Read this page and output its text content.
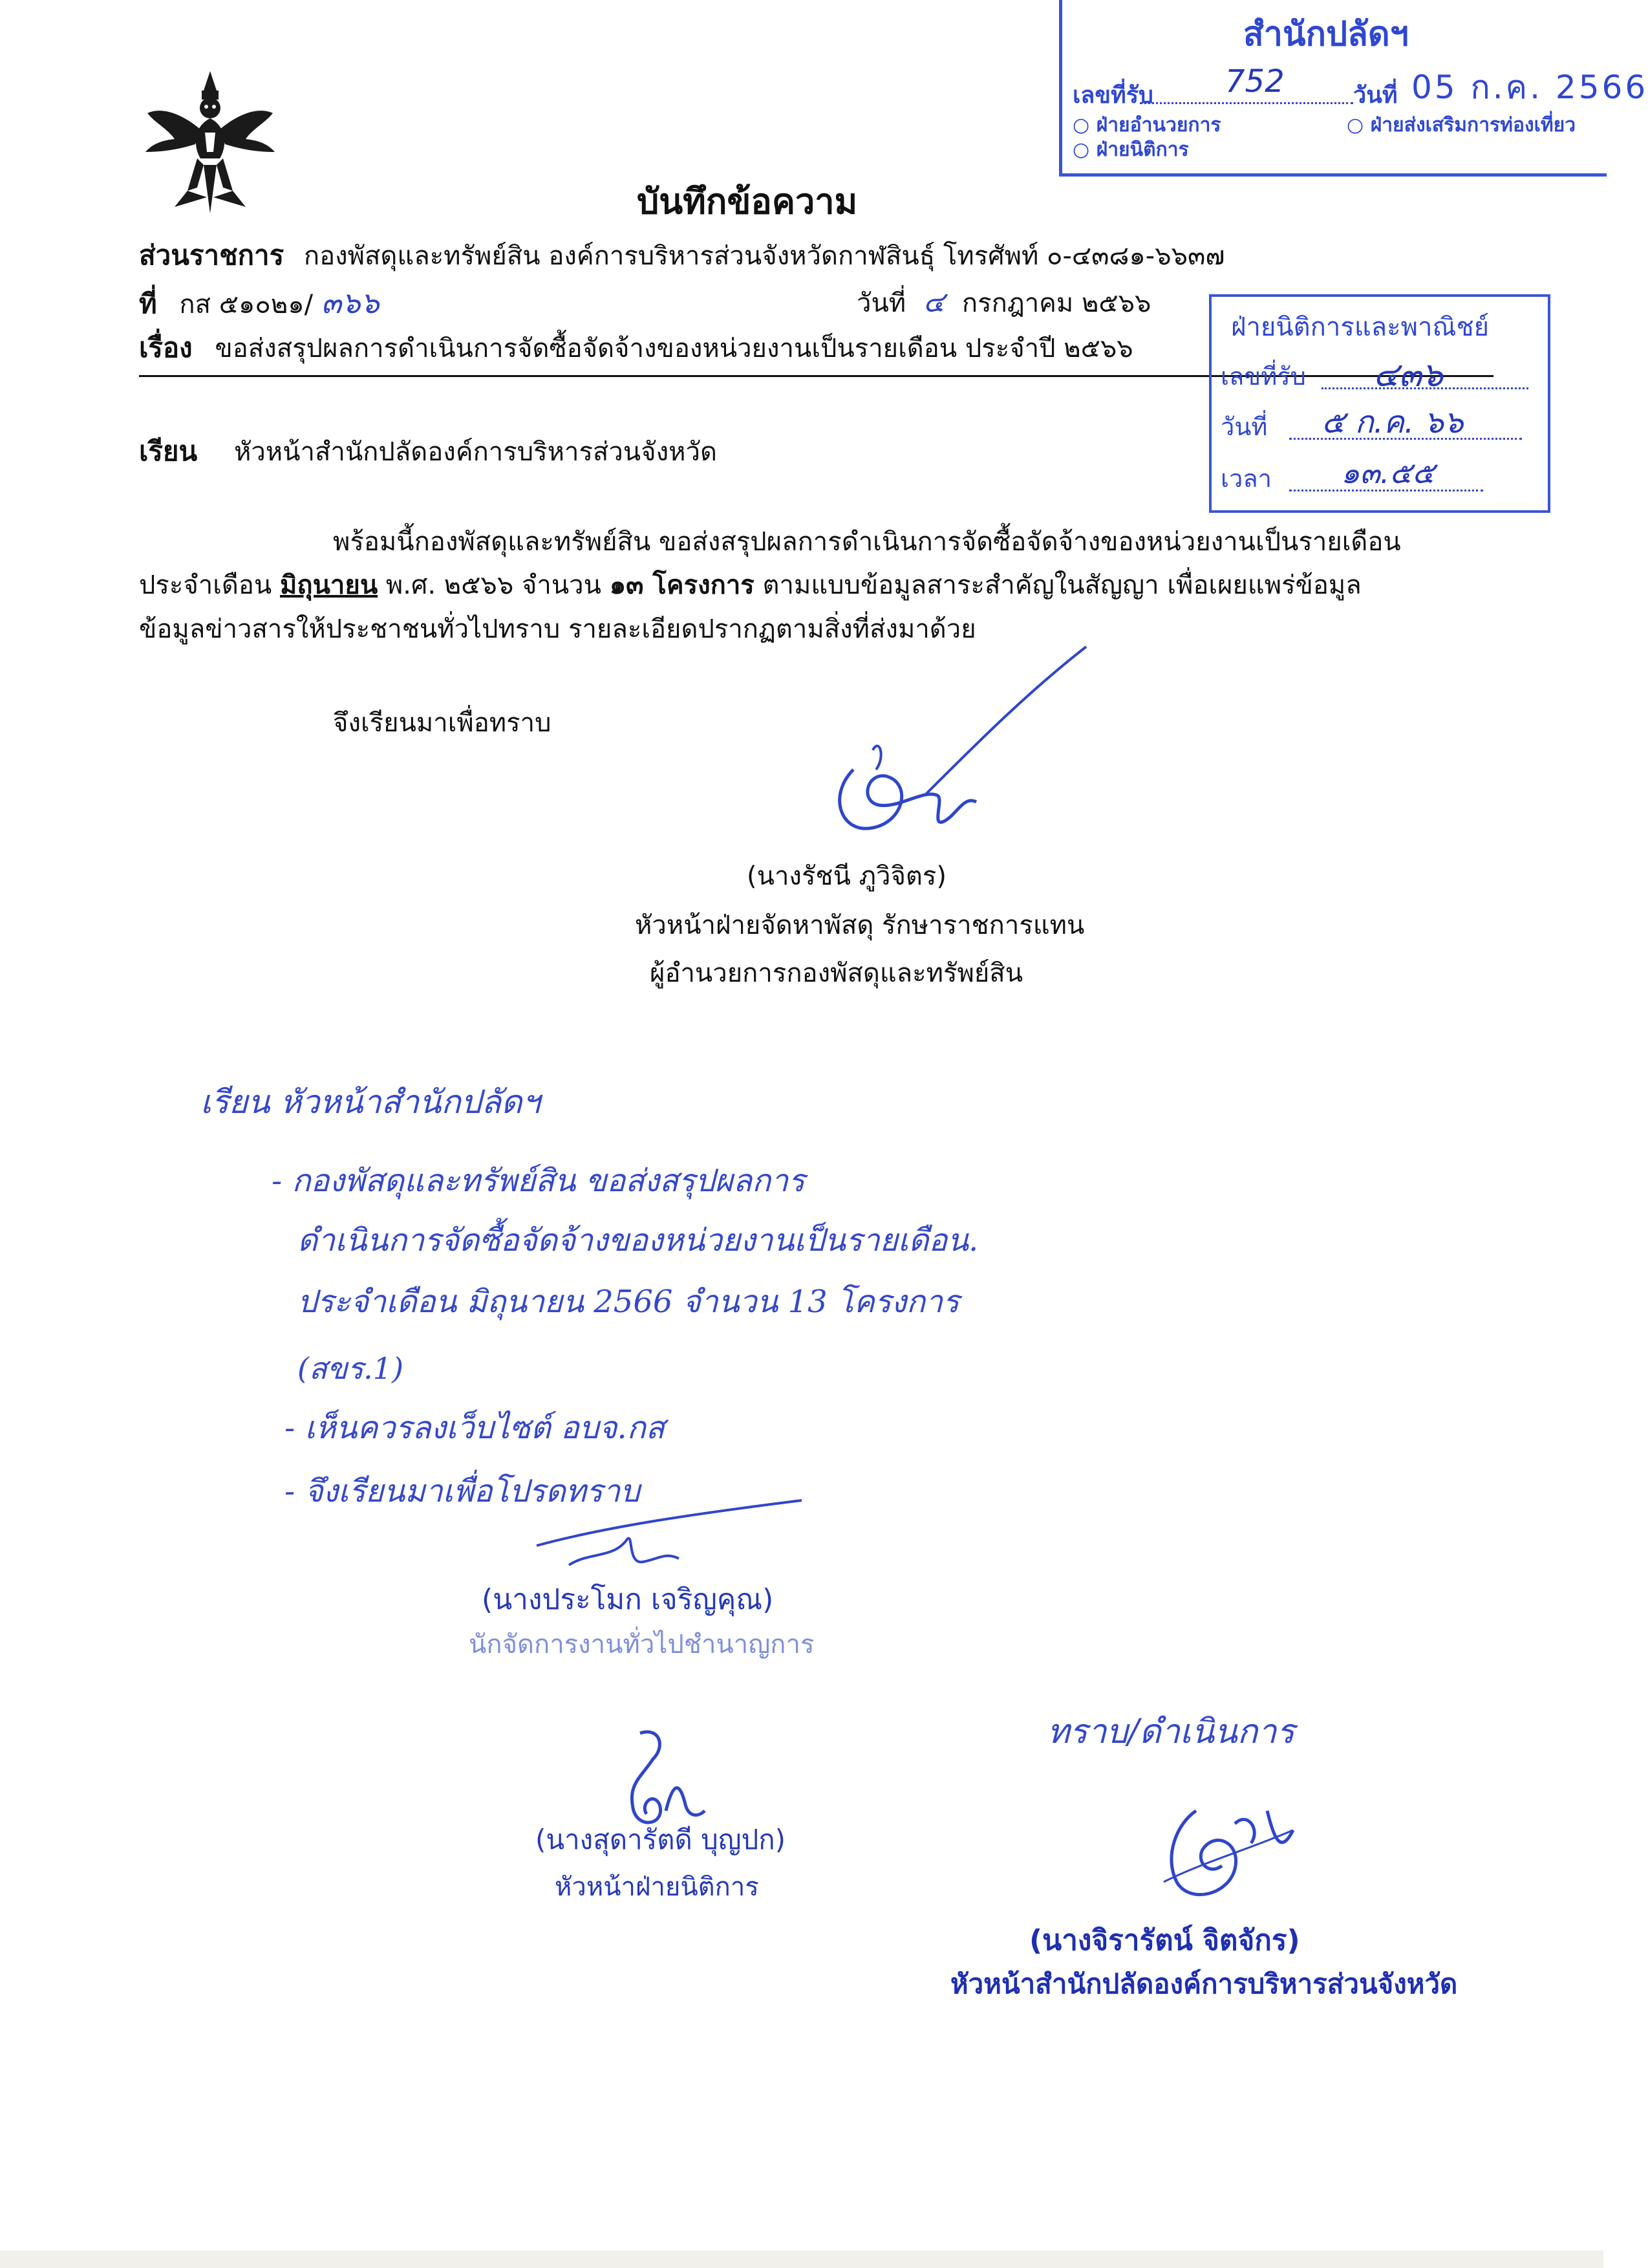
สำนักปลัดฯ
เลขที่รับ 752	วันที่ 05 ก.ค. 2566
○ ฝ่ายอำนวยการ	○ ฝ่ายส่งเสริมการท่องเที่ยว
○ ฝ่ายนิติการ
บันทึกข้อความ
ส่วนราชการ กองพัสดุและทรัพย์สิน องค์การบริหารส่วนจังหวัดกาฬสินธุ์ โทรศัพท์ ๐-๔๓๘๑-๖๖๓๗
ที่ กส ๕๑๐๒๑/ ๓๖๖	วันที่ ๔ กรกฎาคม ๒๕๖๖
เรื่อง ขอส่งสรุปผลการดำเนินการจัดซื้อจัดจ้างของหน่วยงานเป็นรายเดือน ประจำปี ๒๕๖๖
ฝ่ายนิติการและพาณิชย์
เลขที่รับ ๔๓๖
วันที่ ๕ ก.ค. ๖๖
เวลา ๑๓.๕๕
เรียน หัวหน้าสำนักปลัดองค์การบริหารส่วนจังหวัด
พร้อมนี้กองพัสดุและทรัพย์สิน ขอส่งสรุปผลการดำเนินการจัดซื้อจัดจ้างของหน่วยงานเป็นรายเดือน
ประจำเดือน มิถุนายน พ.ศ. ๒๕๖๖ จำนวน ๑๓ โครงการ ตามแบบข้อมูลสาระสำคัญในสัญญา เพื่อเผยแพร่ข้อมูล
ข้อมูลข่าวสารให้ประชาชนทั่วไปทราบ รายละเอียดปรากฏตามสิ่งที่ส่งมาด้วย
จึงเรียนมาเพื่อทราบ
(นางรัชนี ภูวิจิตร)
หัวหน้าฝ่ายจัดหาพัสดุ รักษาราชการแทน
ผู้อำนวยการกองพัสดุและทรัพย์สิน
เรียน หัวหน้าสำนักปลัดฯ
- กองพัสดุและทรัพย์สิน ขอส่งสรุปผลการ
ดำเนินการจัดซื้อจัดจ้างของหน่วยงานเป็นรายเดือน.
ประจำเดือน มิถุนายน 2566 จำนวน 13 โครงการ
(สขร.1)
- เห็นควรลงเว็บไซต์ อบจ.กส
- จึงเรียนมาเพื่อโปรดทราบ
(นางประโมก เจริญคุณ)
นักจัดการงานทั่วไปชำนาญการ
(นางสุดารัตดี บุญปก)
หัวหน้าฝ่ายนิติการ
ทราบ/ดำเนินการ
(นางจิรารัตน์ จิตจักร)
หัวหน้าสำนักปลัดองค์การบริหารส่วนจังหวัด
